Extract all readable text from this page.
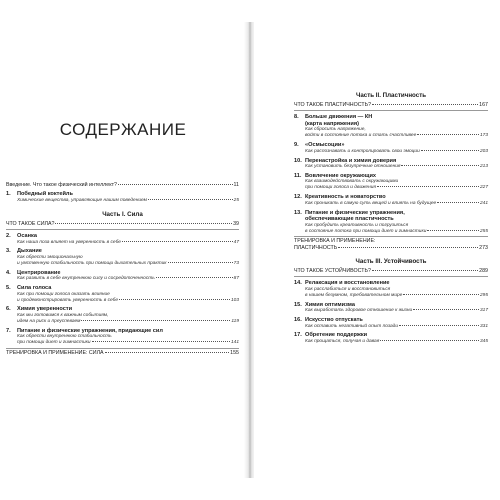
СОДЕРЖАНИЕ
Введение. Что такое физический интеллект?	11
1.	Победный коктейль
Химические вещества, управляющие нашим поведением	25
Часть I. Сила
ЧТО ТАКОЕ СИЛА?	39
2.	Осанка
Как наша поза влияет на уверенность в себе	47
3.	Дыхание
Как обрести эмоциональную
и умственную стабильность при помощи дыхательных практик	73
4.	Центрирование
Как развить в себе внутреннюю силу и сосредоточенность	87
5.	Сила голоса
Как при помощи голоса оказать влияние
и продемонстрировать уверенность в себе	103
6.	Химия уверенности
Как мы готовимся к важным событиям,
идем на риск и преуспеваем	119
7.	Питание и физические упражнения, придающие сил
Как обрести внутреннюю стабильность
при помощи диет и гимнастики	141
ТРЕНИРОВКА И ПРИМЕНЕНИЕ: СИЛА	155
Часть II. Пластичность
ЧТО ТАКОЕ ПЛАСТИЧНОСТЬ?	167
8.	Больше движения — КН
(карта напряжения)
Как сбросить напряжение,
войти в состояние потока и стать счастливее	173
9.	«Осмысоции»
Как распознавать и контролировать свои эмоции	203
10. Перенастройка и химия доверия
Как установить безупречные отношения	213
11. Вовлечение окружающих
Как взаимодействовать с окружающими
при помощи голоса и движения	227
12. Креативность и новаторство
Как проникать в самую суть вещей и влиять на будущее	241
13. Питание и физические упражнения,
обеспечивающие пластичность
Как пробудить креативность и погрузиться
в состояние потока при помощи диет и гимнастики	255
ТРЕНИРОВКА И ПРИМЕНЕНИЕ:
ПЛАСТИЧНОСТЬ	273
Часть III. Устойчивость
ЧТО ТАКОЕ УСТОЙЧИВОСТЬ?	289
14. Релаксация и восстановление
Как расслабиться и восстановиться
в нашем безумном, требовательном мире	295
15. Химия оптимизма
Как выработать здоровое отношение к жизни	317
16. Искусство отпускать
Как оставить негативный опыт позади	331
17. Обретение поддержки
Как прощаться, получая и давая	345
